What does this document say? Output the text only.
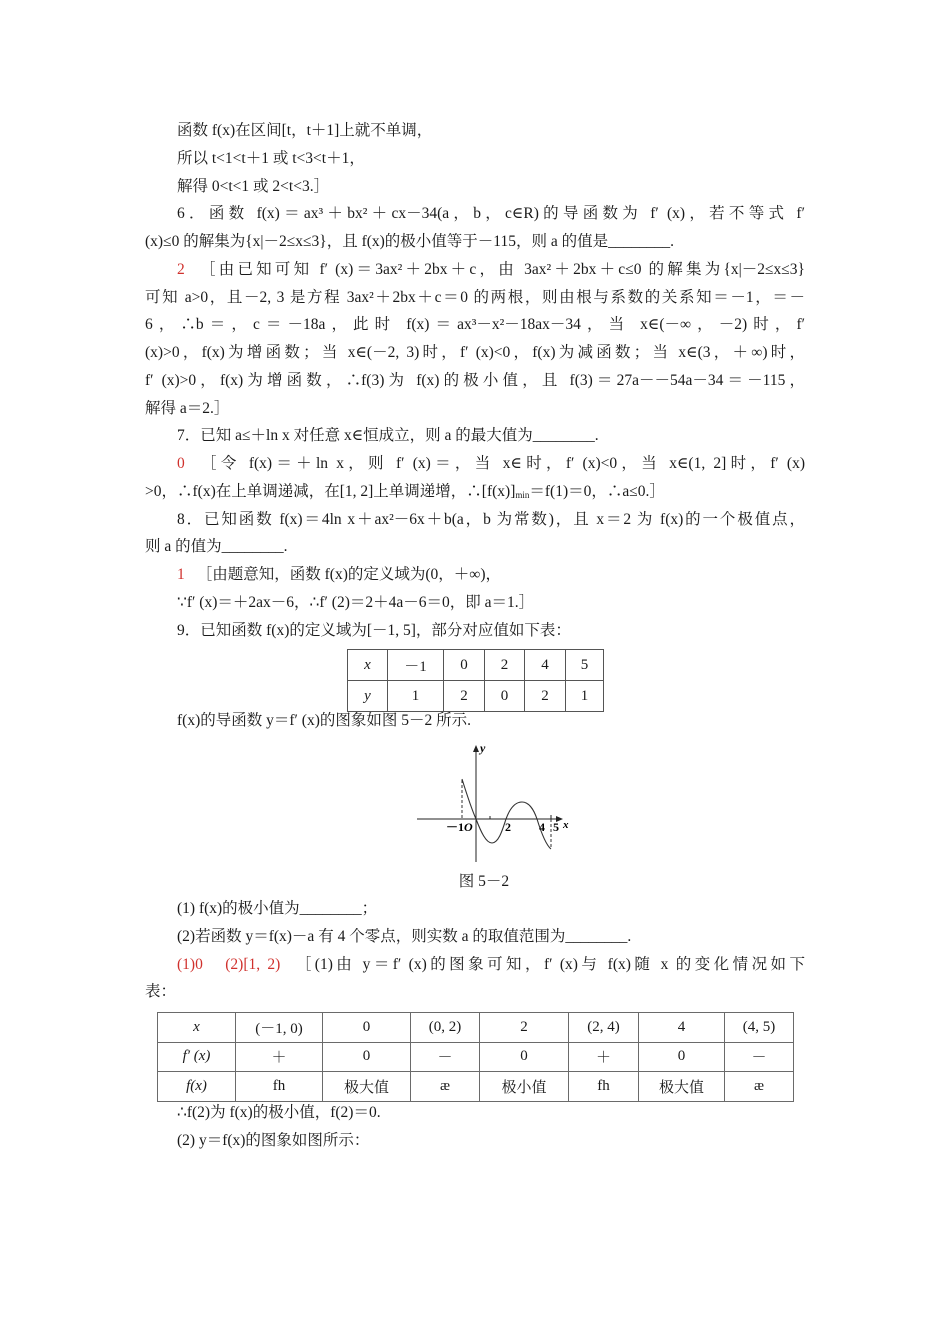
函数 f(x)在区间[t，t＋1]上就不单调，
所以 t<1<t＋1 或 t<3<t＋1，
解得 0<t<1 或 2<t<3.］
6．函数 f(x)＝ax³＋bx²＋cx－34(a，b，c∈R)的导函数为 f′ (x)，若不等式 f′
(x)≤0 的解集为{x|－2≤x≤3}，且 f(x)的极小值等于－115，则 a 的值是________.
2 ［由已知可知 f′ (x)＝3ax²＋2bx＋c，由 3ax²＋2bx＋c≤0 的解集为{x|－2≤x≤3}
可知 a>0，且－2, 3 是方程 3ax²＋2bx＋c＝0 的两根，则由根与系数的关系知＝－1，＝－
6，∴b＝，c＝－18a，此时 f(x)＝ax³－x²－18ax－34，当 x∈(－∞，－2)时，f′
(x)>0，f(x)为增函数；当 x∈(－2, 3)时，f′ (x)<0，f(x)为减函数；当 x∈(3，＋∞)时，
f′ (x)>0，f(x)为增函数，∴f(3)为 f(x)的极小值，且 f(3)＝27a－－54a－34＝－115，
解得 a＝2.］
7．已知 a≤＋ln x 对任意 x∈恒成立，则 a 的最大值为________.
0 ［令 f(x)＝＋ln x，则 f′ (x)＝，当 x∈时，f′ (x)<0，当 x∈(1, 2]时，f′ (x)
>0，∴f(x)在上单调递减，在[1, 2]上单调递增，$\therefore[f(x)]_{min}=f(1)=0$，∴a≤0.］
8．已知函数 f(x)＝4ln x＋ax²－6x＋b(a，b 为常数)，且 x＝2 为 f(x)的一个极值点，
则 a 的值为________.
1 ［由题意知，函数 f(x)的定义域为(0，＋∞)，
∵f′ (x)＝＋2ax－6，∴f′ (2)＝2＋4a－6＝0，即 a＝1.］
9．已知函数 f(x)的定义域为[－1, 5]，部分对应值如下表：
x	－1	0	2	4	5
y	1	2	0	2	1
f(x)的导函数 y＝f′ (x)的图象如图 5－2 所示.
y
x
－1 O	2 4 5
图 5－2
(1) f(x)的极小值为________；
(2)若函数 y＝f(x)－a 有 4 个零点，则实数 a 的取值范围为________.
(1)0　(2)[1, 2) ［(1)由 y＝f′ (x)的图象可知，f′ (x)与 f(x)随 x 的变化情况如下
表：
x	(－1, 0)	0	(0, 2)	2	(2, 4)	4	(4, 5)
f′ (x)	＋	0	－	0	＋	0	－
f(x)	fh	极大值	æ	极小值	fh	极大值	æ
∴f(2)为 f(x)的极小值，f(2)＝0.
(2) y＝f(x)的图象如图所示：
